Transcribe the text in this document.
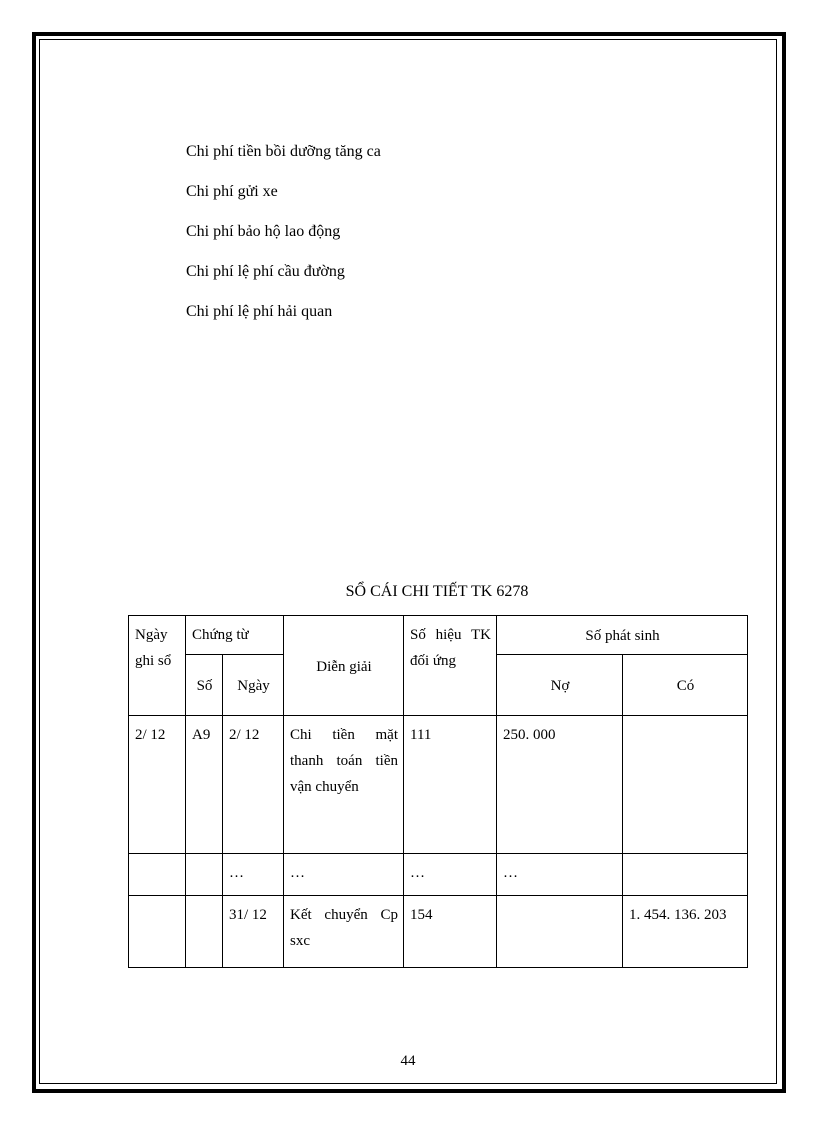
Chi phí tiền bồi dưỡng tăng ca
Chi phí gửi xe
Chi phí bảo hộ lao động
Chi phí lệ phí cầu đường
Chi phí lệ phí hải quan
SỔ CÁI CHI TIẾT TK 6278
Ngày ghi sổ	Chứng từ		Diễn giải	Số hiệu TK đối ứng	Số phát sinh	
	Số	Ngày			Nợ	Có
2/ 12	A9	2/ 12	Chi tiền mặt thanh toán tiền vận chuyển	111	250. 000	
		…	…	…	…	
		31/ 12	Kết chuyển Cp sxc	154		1. 454. 136. 203
44
